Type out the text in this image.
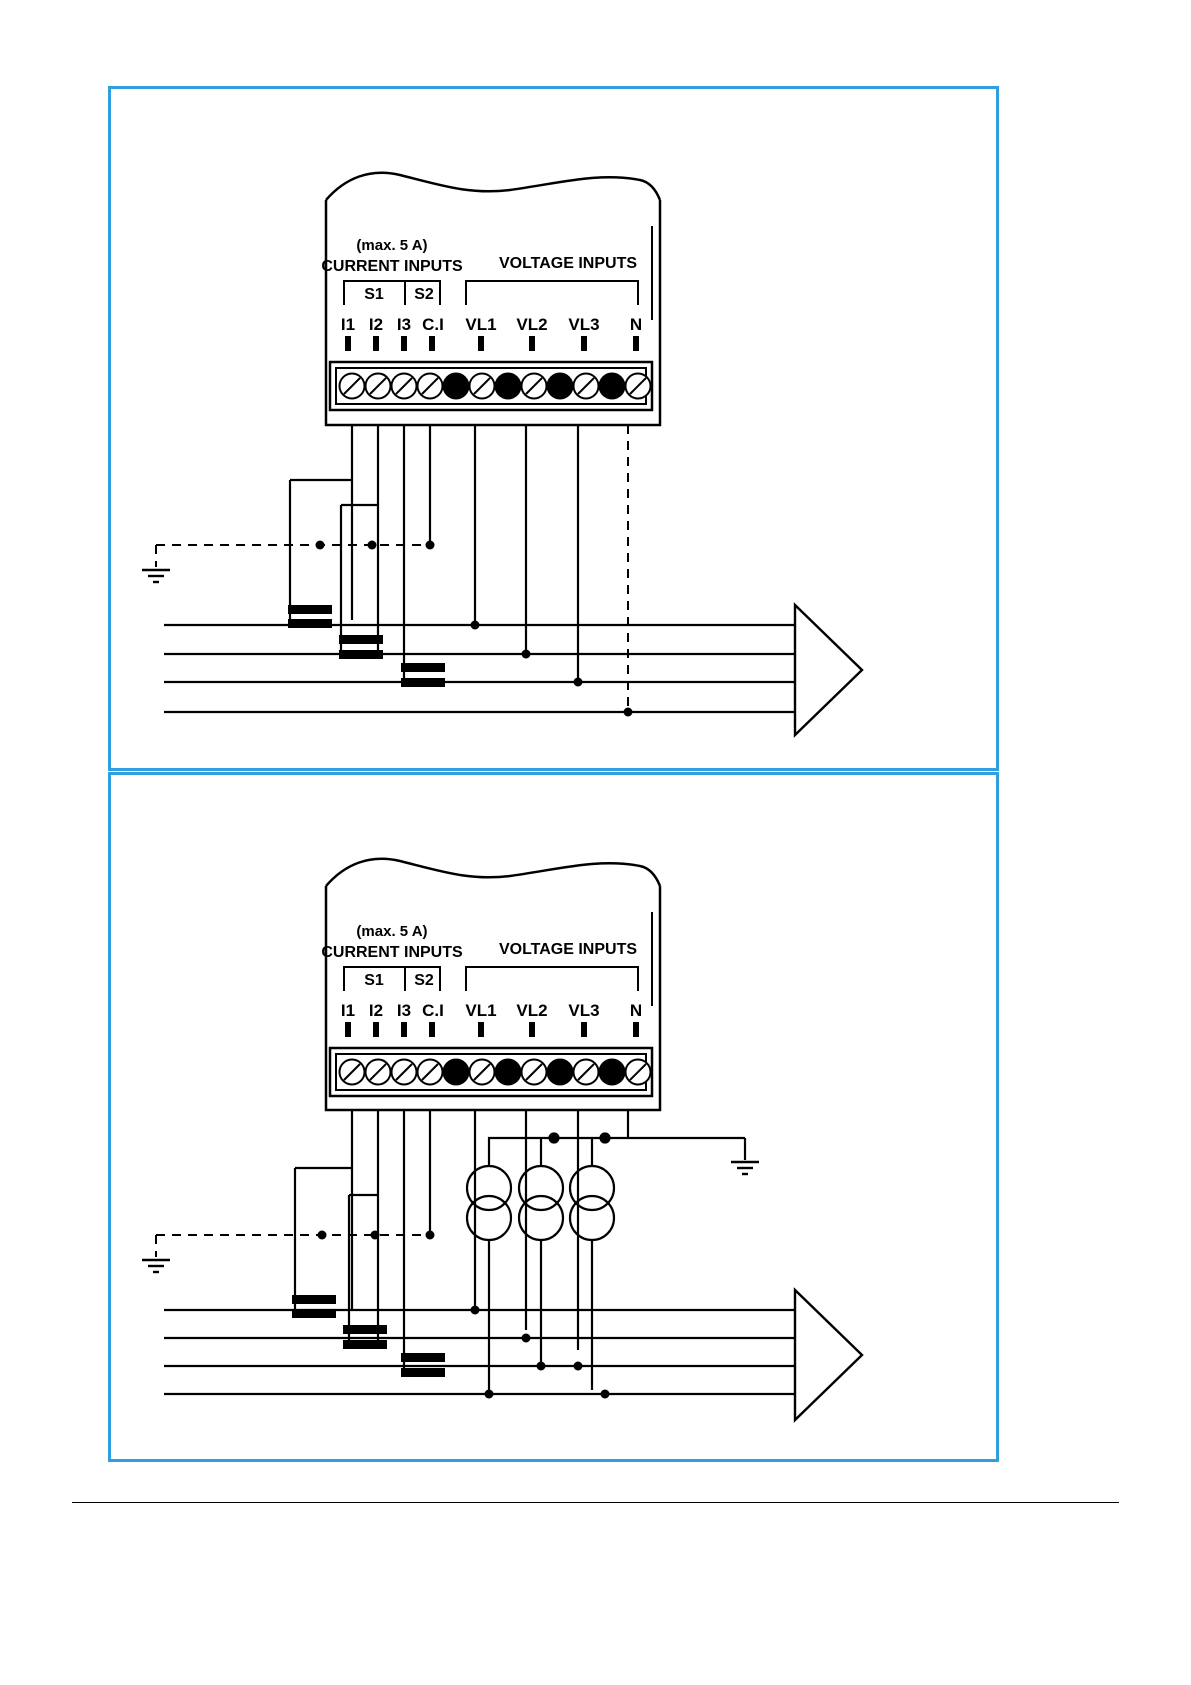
(max. 5 A)
CURRENT INPUTS VOLTAGE INPUTS
S1 S2
I1 I2 I3 C.I VL1 VL2 VL3 N
(max. 5 A)
CURRENT INPUTS VOLTAGE INPUTS
S1 S2
I1 I2 I3 C.I VL1 VL2 VL3 N
